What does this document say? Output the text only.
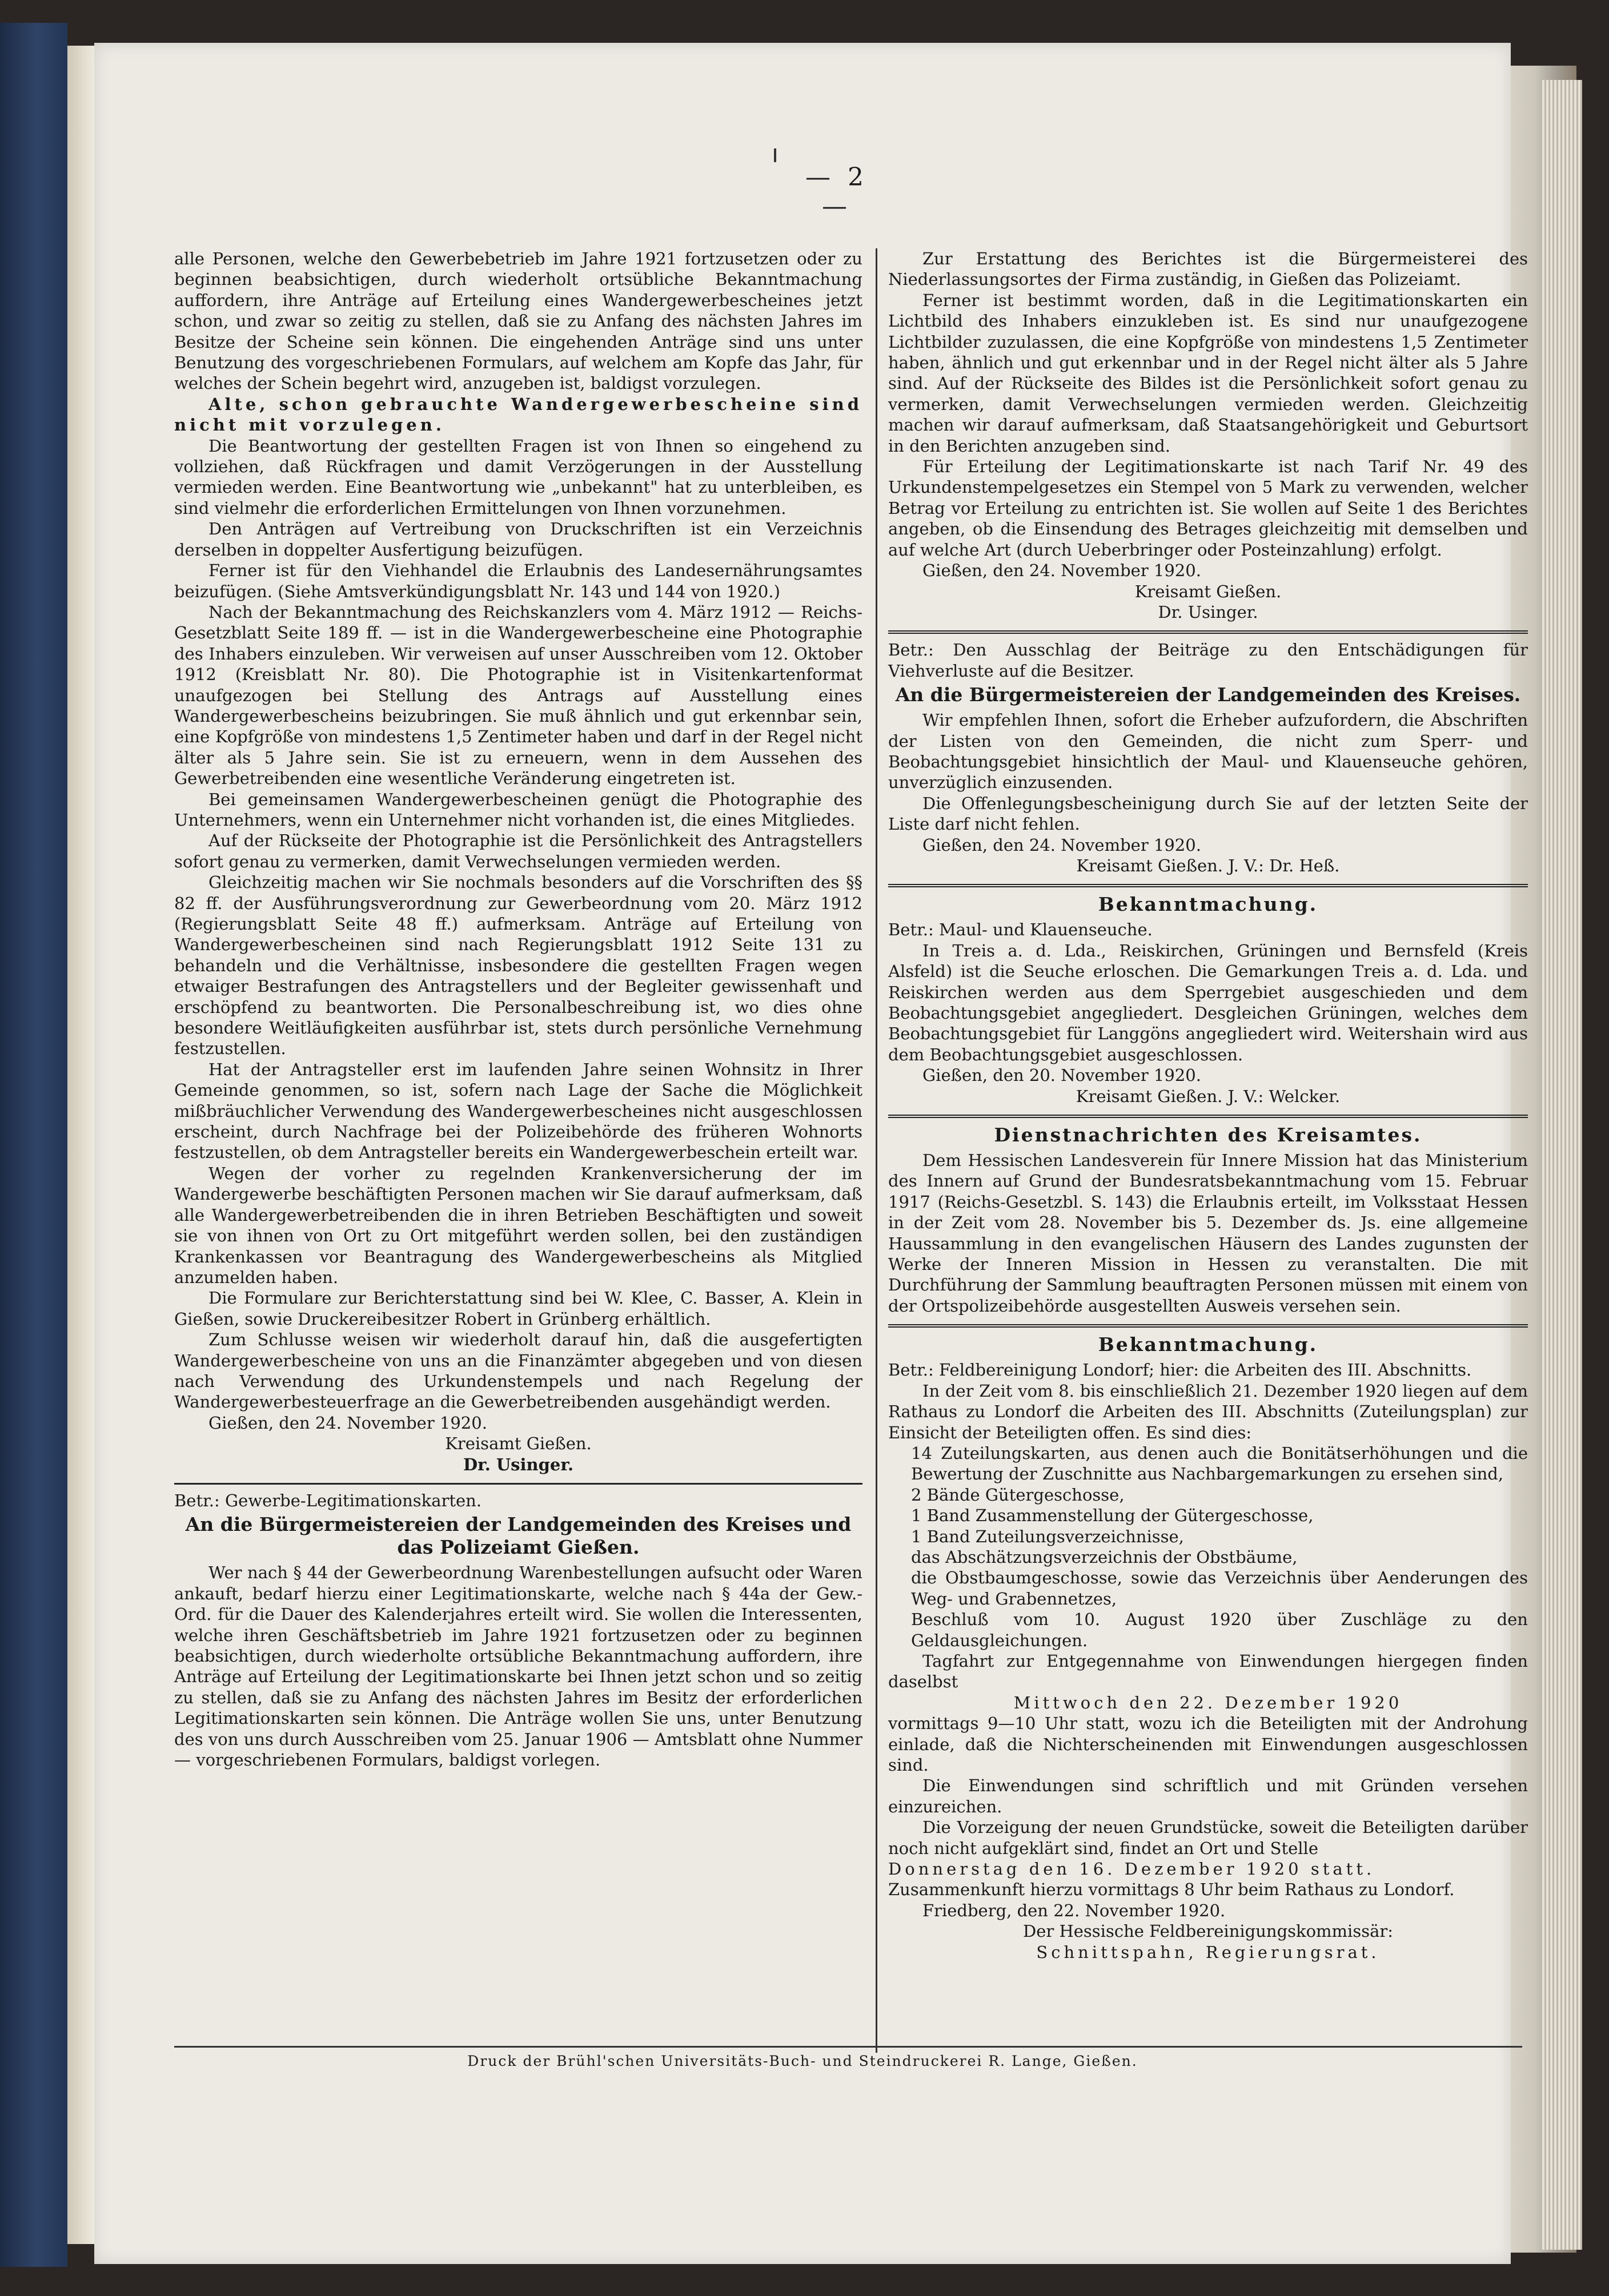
— 2 —

alle Personen, welche den Gewerbebetrieb im Jahre 1921 fortzusetzen oder zu beginnen beabsichtigen, durch wiederholt ortsübliche Bekanntmachung auffordern, ihre Anträge auf Erteilung eines Wandergewerbescheines jetzt schon, und zwar so zeitig zu stellen, daß sie zu Anfang des nächsten Jahres im Besitze der Scheine sein können. Die eingehenden Anträge sind uns unter Benutzung des vorgeschriebenen Formulars, auf welchem am Kopfe das Jahr, für welches der Schein begehrt wird, anzugeben ist, baldigst vorzulegen.

Alte, schon gebrauchte Wandergewerbescheine sind nicht mit vorzulegen.

Die Beantwortung der gestellten Fragen ist von Ihnen so eingehend zu vollziehen, daß Rückfragen und damit Verzögerungen in der Ausstellung vermieden werden. Eine Beantwortung wie „unbekannt" hat zu unterbleiben, es sind vielmehr die erforderlichen Ermittelungen von Ihnen vorzunehmen.

Den Anträgen auf Vertreibung von Druckschriften ist ein Verzeichnis derselben in doppelter Ausfertigung beizufügen.

Ferner ist für den Viehhandel die Erlaubnis des Landesernährungsamtes beizufügen. (Siehe Amtsverkündigungsblatt Nr. 143 und 144 von 1920.)

Nach der Bekanntmachung des Reichskanzlers vom 4. März 1912 — Reichs-Gesetzblatt Seite 189 ff. — ist in die Wandergewerbescheine eine Photographie des Inhabers einzuleben. Wir verweisen auf unser Ausschreiben vom 12. Oktober 1912 (Kreisblatt Nr. 80). Die Photographie ist in Visitenkartenformat unaufgezogen bei Stellung des Antrags auf Ausstellung eines Wandergewerbescheins beizubringen. Sie muß ähnlich und gut erkennbar sein, eine Kopfgröße von mindestens 1,5 Zentimeter haben und darf in der Regel nicht älter als 5 Jahre sein. Sie ist zu erneuern, wenn in dem Aussehen des Gewerbetreibenden eine wesentliche Veränderung eingetreten ist.

Bei gemeinsamen Wandergewerbescheinen genügt die Photographie des Unternehmers, wenn ein Unternehmer nicht vorhanden ist, die eines Mitgliedes.

Auf der Rückseite der Photographie ist die Persönlichkeit des Antragstellers sofort genau zu vermerken, damit Verwechselungen vermieden werden.

Gleichzeitig machen wir Sie nochmals besonders auf die Vorschriften des §§ 82 ff. der Ausführungsverordnung zur Gewerbeordnung vom 20. März 1912 (Regierungsblatt Seite 48 ff.) aufmerksam. Anträge auf Erteilung von Wandergewerbescheinen sind nach Regierungsblatt 1912 Seite 131 zu behandeln und die Verhältnisse, insbesondere die gestellten Fragen wegen etwaiger Bestrafungen des Antragstellers und der Begleiter gewissenhaft und erschöpfend zu beantworten. Die Personalbeschreibung ist, wo dies ohne besondere Weitläufigkeiten ausführbar ist, stets durch persönliche Vernehmung festzustellen.

Hat der Antragsteller erst im laufenden Jahre seinen Wohnsitz in Ihrer Gemeinde genommen, so ist, sofern nach Lage der Sache die Möglichkeit mißbräuchlicher Verwendung des Wandergewerbescheines nicht ausgeschlossen erscheint, durch Nachfrage bei der Polizeibehörde des früheren Wohnorts festzustellen, ob dem Antragsteller bereits ein Wandergewerbeschein erteilt war.

Wegen der vorher zu regelnden Krankenversicherung der im Wandergewerbe beschäftigten Personen machen wir Sie darauf aufmerksam, daß alle Wandergewerbetreibenden die in ihren Betrieben Beschäftigten und soweit sie von ihnen von Ort zu Ort mitgeführt werden sollen, bei den zuständigen Krankenkassen vor Beantragung des Wandergewerbescheins als Mitglied anzumelden haben.

Die Formulare zur Berichterstattung sind bei W. Klee, C. Basser, A. Klein in Gießen, sowie Druckereibesitzer Robert in Grünberg erhältlich.

Zum Schlusse weisen wir wiederholt darauf hin, daß die ausgefertigten Wandergewerbescheine von uns an die Finanzämter abgegeben und von diesen nach Verwendung des Urkundenstempels und nach Regelung der Wandergewerbesteuerfrage an die Gewerbetreibenden ausgehändigt werden.

Gießen, den 24. November 1920.

Kreisamt Gießen.

Dr. Usinger.

Betr.: Gewerbe-Legitimationskarten.

An die Bürgermeistereien der Landgemeinden des Kreises und das Polizeiamt Gießen.

Wer nach § 44 der Gewerbeordnung Warenbestellungen aufsucht oder Waren ankauft, bedarf hierzu einer Legitimationskarte, welche nach § 44a der Gew.-Ord. für die Dauer des Kalenderjahres erteilt wird. Sie wollen die Interessenten, welche ihren Geschäftsbetrieb im Jahre 1921 fortzusetzen oder zu beginnen beabsichtigen, durch wiederholte ortsübliche Bekanntmachung auffordern, ihre Anträge auf Erteilung der Legitimationskarte bei Ihnen jetzt schon und so zeitig zu stellen, daß sie zu Anfang des nächsten Jahres im Besitz der erforderlichen Legitimationskarten sein können. Die Anträge wollen Sie uns, unter Benutzung des von uns durch Ausschreiben vom 25. Januar 1906 — Amtsblatt ohne Nummer — vorgeschriebenen Formulars, baldigst vorlegen.

Zur Erstattung des Berichtes ist die Bürgermeisterei des Niederlassungsortes der Firma zuständig, in Gießen das Polizeiamt.

Ferner ist bestimmt worden, daß in die Legitimationskarten ein Lichtbild des Inhabers einzukleben ist. Es sind nur unaufgezogene Lichtbilder zuzulassen, die eine Kopfgröße von mindestens 1,5 Zentimeter haben, ähnlich und gut erkennbar und in der Regel nicht älter als 5 Jahre sind. Auf der Rückseite des Bildes ist die Persönlichkeit sofort genau zu vermerken, damit Verwechselungen vermieden werden. Gleichzeitig machen wir darauf aufmerksam, daß Staatsangehörigkeit und Geburtsort in den Berichten anzugeben sind.

Für Erteilung der Legitimationskarte ist nach Tarif Nr. 49 des Urkundenstempelgesetzes ein Stempel von 5 Mark zu verwenden, welcher Betrag vor Erteilung zu entrichten ist. Sie wollen auf Seite 1 des Berichtes angeben, ob die Einsendung des Betrages gleichzeitig mit demselben und auf welche Art (durch Ueberbringer oder Posteinzahlung) erfolgt.

Gießen, den 24. November 1920.

Kreisamt Gießen.

Dr. Usinger.

Betr.: Den Ausschlag der Beiträge zu den Entschädigungen für Viehverluste auf die Besitzer.

An die Bürgermeistereien der Landgemeinden des Kreises.

Wir empfehlen Ihnen, sofort die Erheber aufzufordern, die Abschriften der Listen von den Gemeinden, die nicht zum Sperr- und Beobachtungsgebiet hinsichtlich der Maul- und Klauenseuche gehören, unverzüglich einzusenden.

Die Offenlegungsbescheinigung durch Sie auf der letzten Seite der Liste darf nicht fehlen.

Gießen, den 24. November 1920.

Kreisamt Gießen. J. V.: Dr. Heß.

Bekanntmachung.

Betr.: Maul- und Klauenseuche.

In Treis a. d. Lda., Reiskirchen, Grüningen und Bernsfeld (Kreis Alsfeld) ist die Seuche erloschen. Die Gemarkungen Treis a. d. Lda. und Reiskirchen werden aus dem Sperrgebiet ausgeschieden und dem Beobachtungsgebiet angegliedert. Desgleichen Grüningen, welches dem Beobachtungsgebiet für Langgöns angegliedert wird. Weitershain wird aus dem Beobachtungsgebiet ausgeschlossen.

Gießen, den 20. November 1920.

Kreisamt Gießen. J. V.: Welcker.

Dienstnachrichten des Kreisamtes.

Dem Hessischen Landesverein für Innere Mission hat das Ministerium des Innern auf Grund der Bundesratsbekanntmachung vom 15. Februar 1917 (Reichs-Gesetzbl. S. 143) die Erlaubnis erteilt, im Volksstaat Hessen in der Zeit vom 28. November bis 5. Dezember ds. Js. eine allgemeine Haussammlung in den evangelischen Häusern des Landes zugunsten der Werke der Inneren Mission in Hessen zu veranstalten. Die mit Durchführung der Sammlung beauftragten Personen müssen mit einem von der Ortspolizeibehörde ausgestellten Ausweis versehen sein.

Bekanntmachung.

Betr.: Feldbereinigung Londorf; hier: die Arbeiten des III. Abschnitts.

In der Zeit vom 8. bis einschließlich 21. Dezember 1920 liegen auf dem Rathaus zu Londorf die Arbeiten des III. Abschnitts (Zuteilungsplan) zur Einsicht der Beteiligten offen. Es sind dies:

14 Zuteilungskarten, aus denen auch die Bonitätserhöhungen und die Bewertung der Zuschnitte aus Nachbargemarkungen zu ersehen sind,

2 Bände Gütergeschosse,

1 Band Zusammenstellung der Gütergeschosse,

1 Band Zuteilungsverzeichnisse,

das Abschätzungsverzeichnis der Obstbäume,

die Obstbaumgeschosse, sowie das Verzeichnis über Aenderungen des Weg- und Grabennetzes,

Beschluß vom 10. August 1920 über Zuschläge zu den Geldausgleichungen.

Tagfahrt zur Entgegennahme von Einwendungen hiergegen finden daselbst

Mittwoch den 22. Dezember 1920

vormittags 9—10 Uhr statt, wozu ich die Beteiligten mit der Androhung einlade, daß die Nichterscheinenden mit Einwendungen ausgeschlossen sind.

Die Einwendungen sind schriftlich und mit Gründen versehen einzureichen.

Die Vorzeigung der neuen Grundstücke, soweit die Beteiligten darüber noch nicht aufgeklärt sind, findet an Ort und Stelle

Donnerstag den 16. Dezember 1920 statt.

Zusammenkunft hierzu vormittags 8 Uhr beim Rathaus zu Londorf.

Friedberg, den 22. November 1920.

Der Hessische Feldbereinigungskommissär:

Schnittspahn, Regierungsrat.

Druck der Brühl'schen Universitäts-Buch- und Steindruckerei R. Lange, Gießen.
